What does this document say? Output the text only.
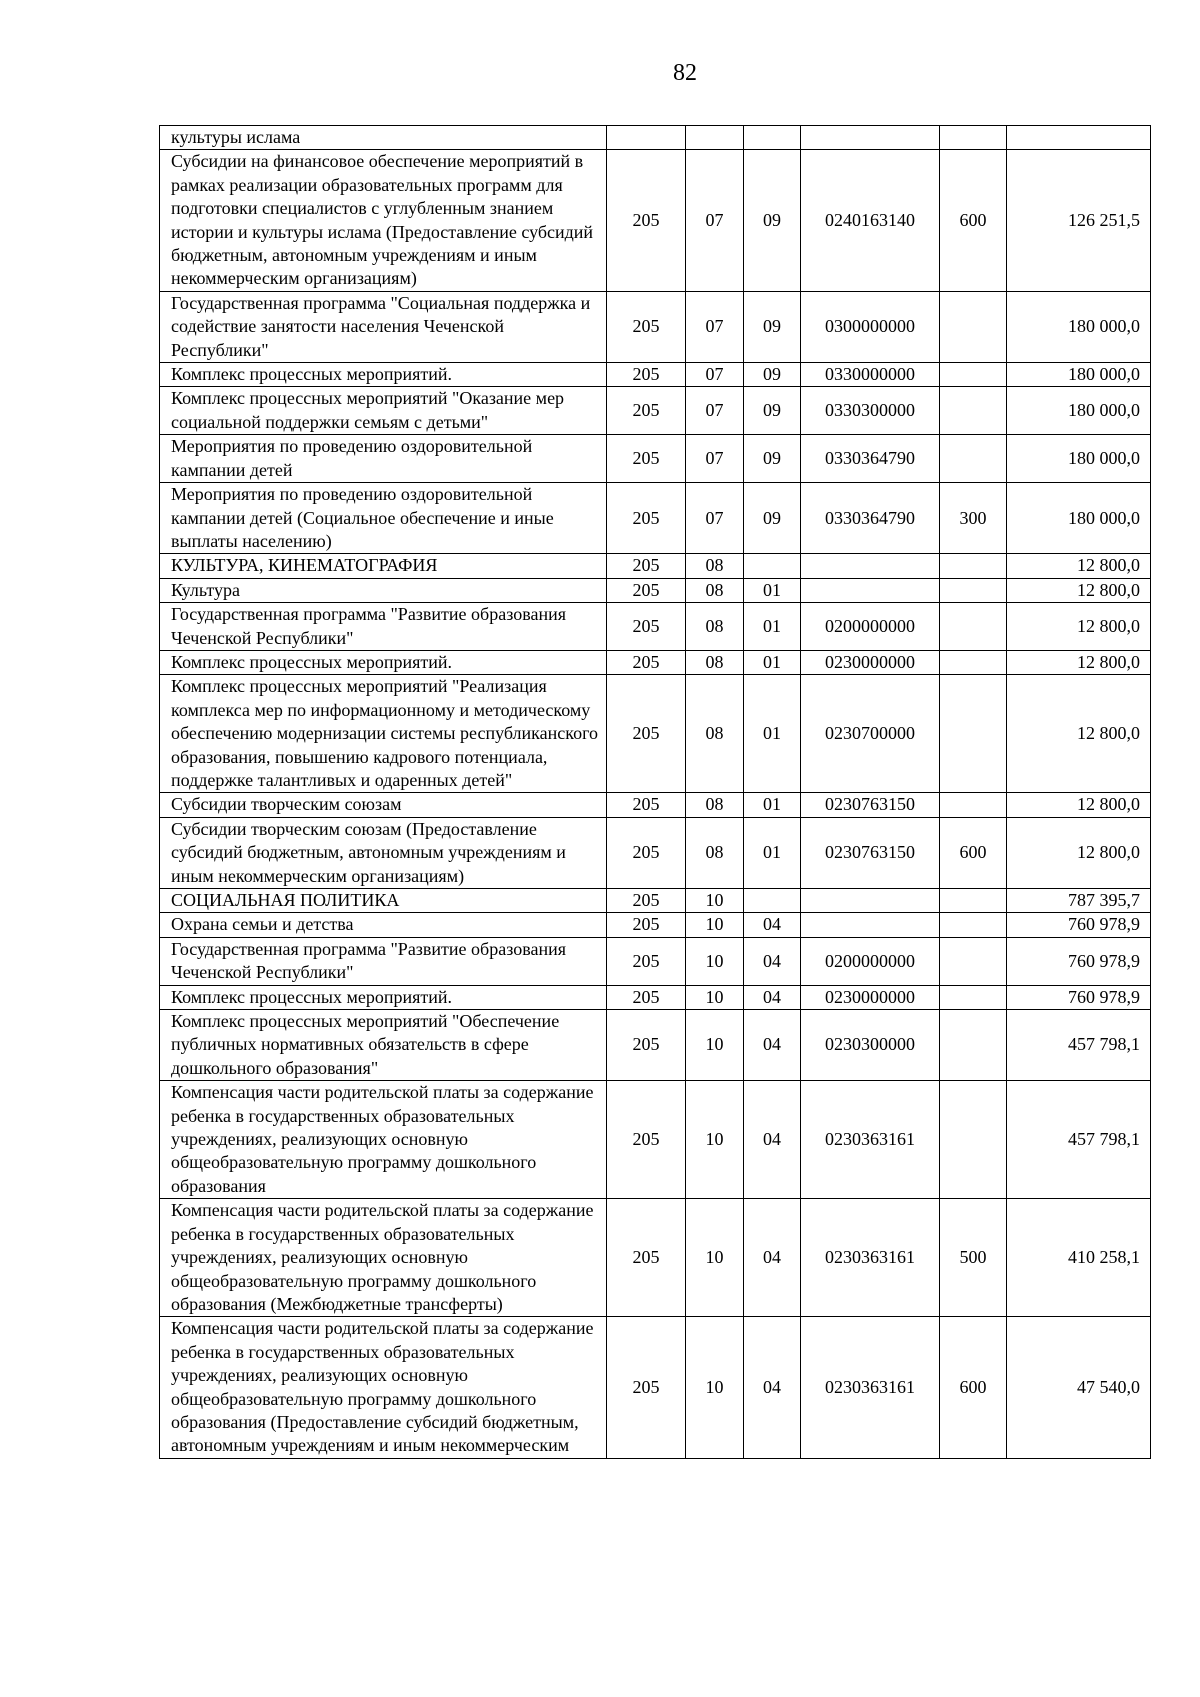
82
культуры ислама						
Субсидии на финансовое обеспечение мероприятий в рамках реализации образовательных программ для подготовки специалистов с углубленным знанием истории и культуры ислама (Предоставление субсидий бюджетным, автономным учреждениям и иным некоммерческим организациям)	205	07	09	0240163140	600	126 251,5
Государственная программа "Социальная поддержка и содействие занятости населения Чеченской Республики"	205	07	09	0300000000		180 000,0
Комплекс процессных мероприятий.	205	07	09	0330000000		180 000,0
Комплекс процессных мероприятий "Оказание мер социальной поддержки семьям с детьми"	205	07	09	0330300000		180 000,0
Мероприятия по проведению оздоровительной кампании детей	205	07	09	0330364790		180 000,0
Мероприятия по проведению оздоровительной кампании детей (Социальное обеспечение и иные выплаты населению)	205	07	09	0330364790	300	180 000,0
КУЛЬТУРА, КИНЕМАТОГРАФИЯ	205	08				12 800,0
Культура	205	08	01			12 800,0
Государственная программа "Развитие образования Чеченской Республики"	205	08	01	0200000000		12 800,0
Комплекс процессных мероприятий.	205	08	01	0230000000		12 800,0
Комплекс процессных мероприятий "Реализация комплекса мер по информационному и методическому обеспечению модернизации системы республиканского образования, повышению кадрового потенциала, поддержке талантливых и одаренных детей"	205	08	01	0230700000		12 800,0
Субсидии творческим союзам	205	08	01	0230763150		12 800,0
Субсидии творческим союзам (Предоставление субсидий бюджетным, автономным учреждениям и иным некоммерческим организациям)	205	08	01	0230763150	600	12 800,0
СОЦИАЛЬНАЯ ПОЛИТИКА	205	10				787 395,7
Охрана семьи и детства	205	10	04			760 978,9
Государственная программа "Развитие образования Чеченской Республики"	205	10	04	0200000000		760 978,9
Комплекс процессных мероприятий.	205	10	04	0230000000		760 978,9
Комплекс процессных мероприятий "Обеспечение публичных нормативных обязательств в сфере дошкольного образования"	205	10	04	0230300000		457 798,1
Компенсация части родительской платы за содержание ребенка в государственных образовательных учреждениях, реализующих основную общеобразовательную программу дошкольного образования	205	10	04	0230363161		457 798,1
Компенсация части родительской платы за содержание ребенка в государственных образовательных учреждениях, реализующих основную общеобразовательную программу дошкольного образования (Межбюджетные трансферты)	205	10	04	0230363161	500	410 258,1
Компенсация части родительской платы за содержание ребенка в государственных образовательных учреждениях, реализующих основную общеобразовательную программу дошкольного образования (Предоставление субсидий бюджетным, автономным учреждениям и иным некоммерческим	205	10	04	0230363161	600	47 540,0
